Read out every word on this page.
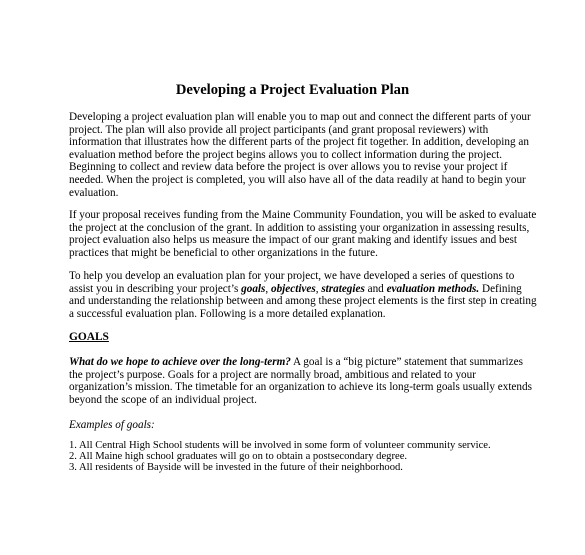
Developing a Project Evaluation Plan

Developing a project evaluation plan will enable you to map out and connect the different parts of your
project. The plan will also provide all project participants (and grant proposal reviewers) with
information that illustrates how the different parts of the project fit together. In addition, developing an
evaluation method before the project begins allows you to collect information during the project.
Beginning to collect and review data before the project is over allows you to revise your project if
needed. When the project is completed, you will also have all of the data readily at hand to begin your
evaluation.

If your proposal receives funding from the Maine Community Foundation, you will be asked to evaluate
the project at the conclusion of the grant. In addition to assisting your organization in assessing results,
project evaluation also helps us measure the impact of our grant making and identify issues and best
practices that might be beneficial to other organizations in the future.

To help you develop an evaluation plan for your project, we have developed a series of questions to
assist you in describing your project’s goals, objectives, strategies and evaluation methods. Defining
and understanding the relationship between and among these project elements is the first step in creating
a successful evaluation plan. Following is a more detailed explanation.

GOALS

What do we hope to achieve over the long-term? A goal is a “big picture” statement that summarizes
the project’s purpose. Goals for a project are normally broad, ambitious and related to your
organization’s mission. The timetable for an organization to achieve its long-term goals usually extends
beyond the scope of an individual project.

Examples of goals:
1. All Central High School students will be involved in some form of volunteer community service.
2. All Maine high school graduates will go on to obtain a postsecondary degree.
3. All residents of Bayside will be invested in the future of their neighborhood.
